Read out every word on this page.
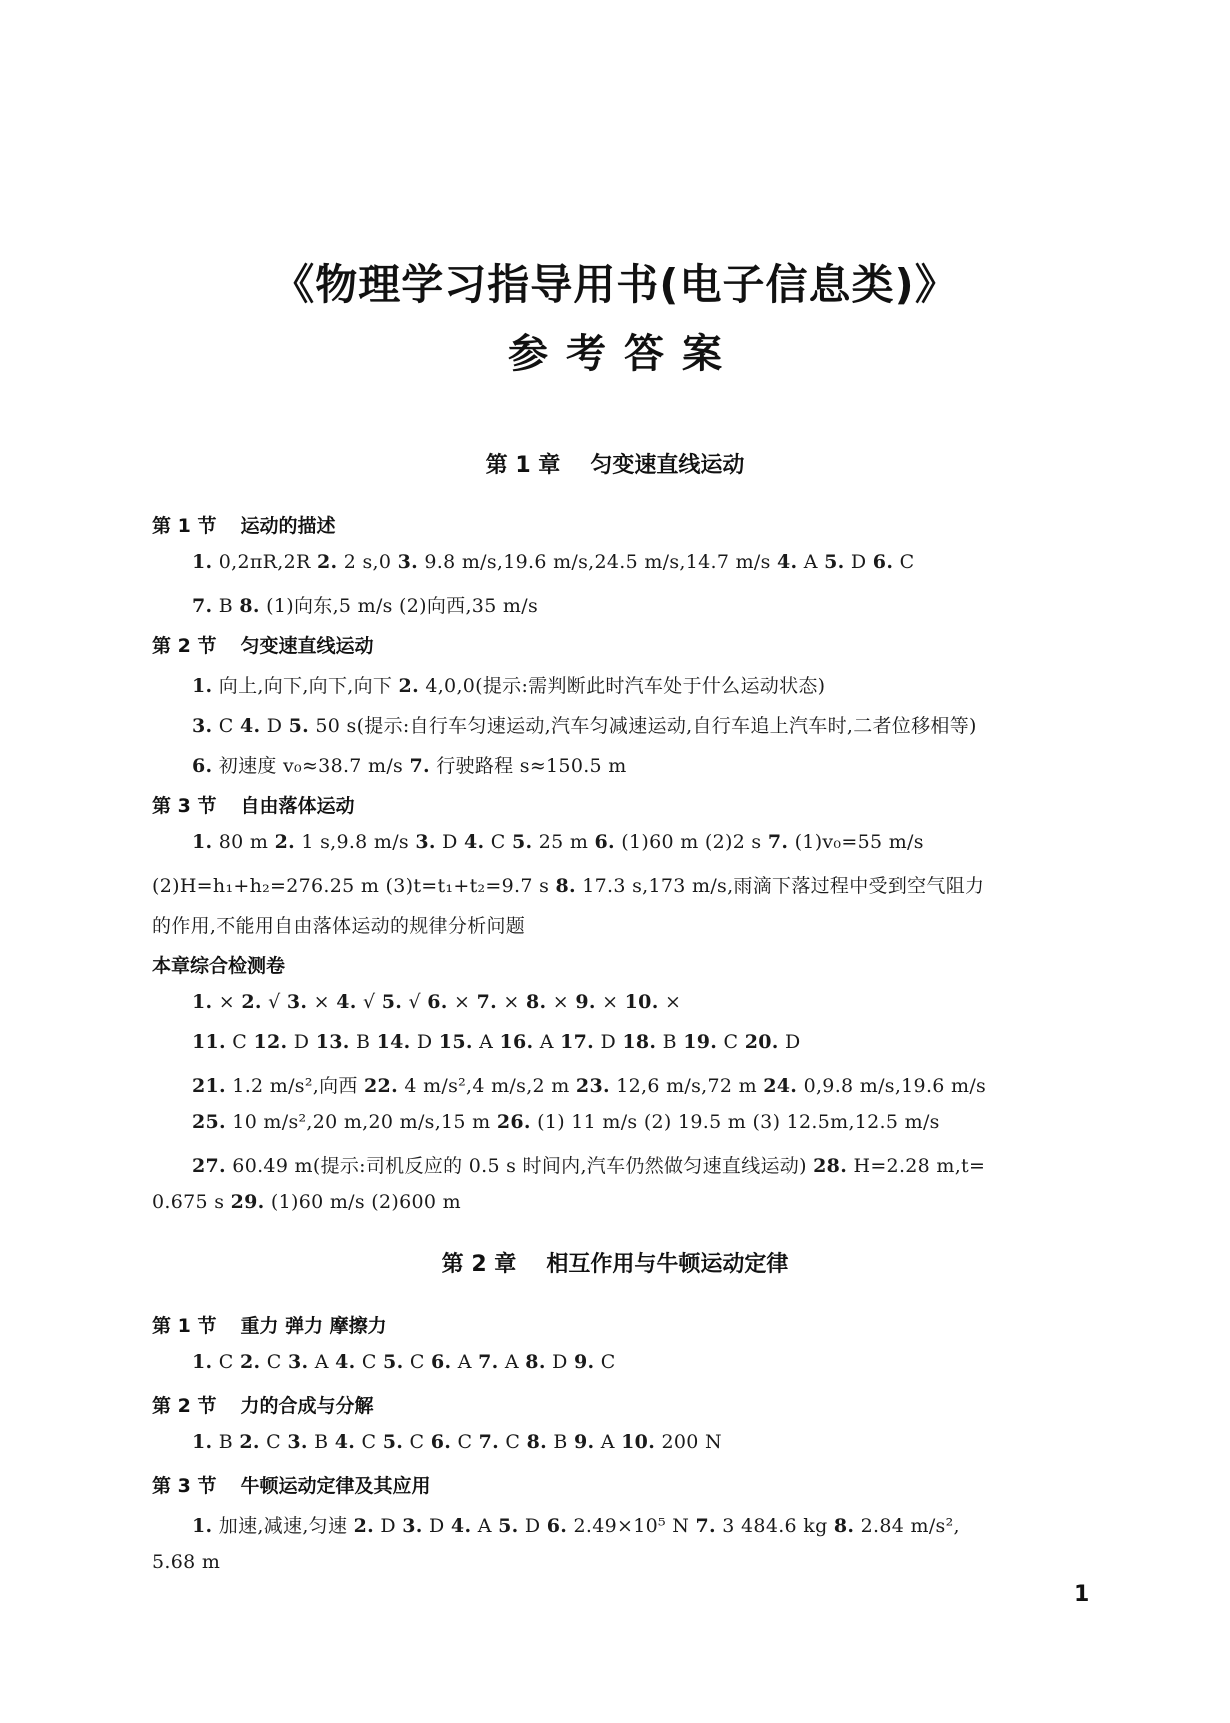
《物理学习指导用书(电子信息类)》
参考答案
第 1 章 匀变速直线运动
第 1 节 运动的描述
1. 0,2πR,2R 2. 2 s,0 3. 9.8 m/s,19.6 m/s,24.5 m/s,14.7 m/s 4. A 5. D 6. C
7. B 8. (1)向东,5 m/s (2)向西,35 m/s
第 2 节 匀变速直线运动
1. 向上,向下,向下,向下 2. 4,0,0(提示:需判断此时汽车处于什么运动状态)
3. C 4. D 5. 50 s(提示:自行车匀速运动,汽车匀减速运动,自行车追上汽车时,二者位移相等)
6. 初速度 v₀≈38.7 m/s 7. 行驶路程 s≈150.5 m
第 3 节 自由落体运动
1. 80 m 2. 1 s,9.8 m/s 3. D 4. C 5. 25 m 6. (1)60 m (2)2 s 7. (1)v₀=55 m/s
(2)H=h₁+h₂=276.25 m (3)t=t₁+t₂=9.7 s 8. 17.3 s,173 m/s,雨滴下落过程中受到空气阻力
的作用,不能用自由落体运动的规律分析问题
本章综合检测卷
1. × 2. √ 3. × 4. √ 5. √ 6. × 7. × 8. × 9. × 10. ×
11. C 12. D 13. B 14. D 15. A 16. A 17. D 18. B 19. C 20. D
21. 1.2 m/s²,向西 22. 4 m/s²,4 m/s,2 m 23. 12,6 m/s,72 m 24. 0,9.8 m/s,19.6 m/s
25. 10 m/s²,20 m,20 m/s,15 m 26. (1) 11 m/s (2) 19.5 m (3) 12.5m,12.5 m/s
27. 60.49 m(提示:司机反应的 0.5 s 时间内,汽车仍然做匀速直线运动) 28. H=2.28 m,t=
0.675 s 29. (1)60 m/s (2)600 m
第 2 章 相互作用与牛顿运动定律
第 1 节 重力 弹力 摩擦力
1. C 2. C 3. A 4. C 5. C 6. A 7. A 8. D 9. C
第 2 节 力的合成与分解
1. B 2. C 3. B 4. C 5. C 6. C 7. C 8. B 9. A 10. 200 N
第 3 节 牛顿运动定律及其应用
1. 加速,减速,匀速 2. D 3. D 4. A 5. D 6. 2.49×10⁵ N 7. 3 484.6 kg 8. 2.84 m/s²,
5.68 m
1
